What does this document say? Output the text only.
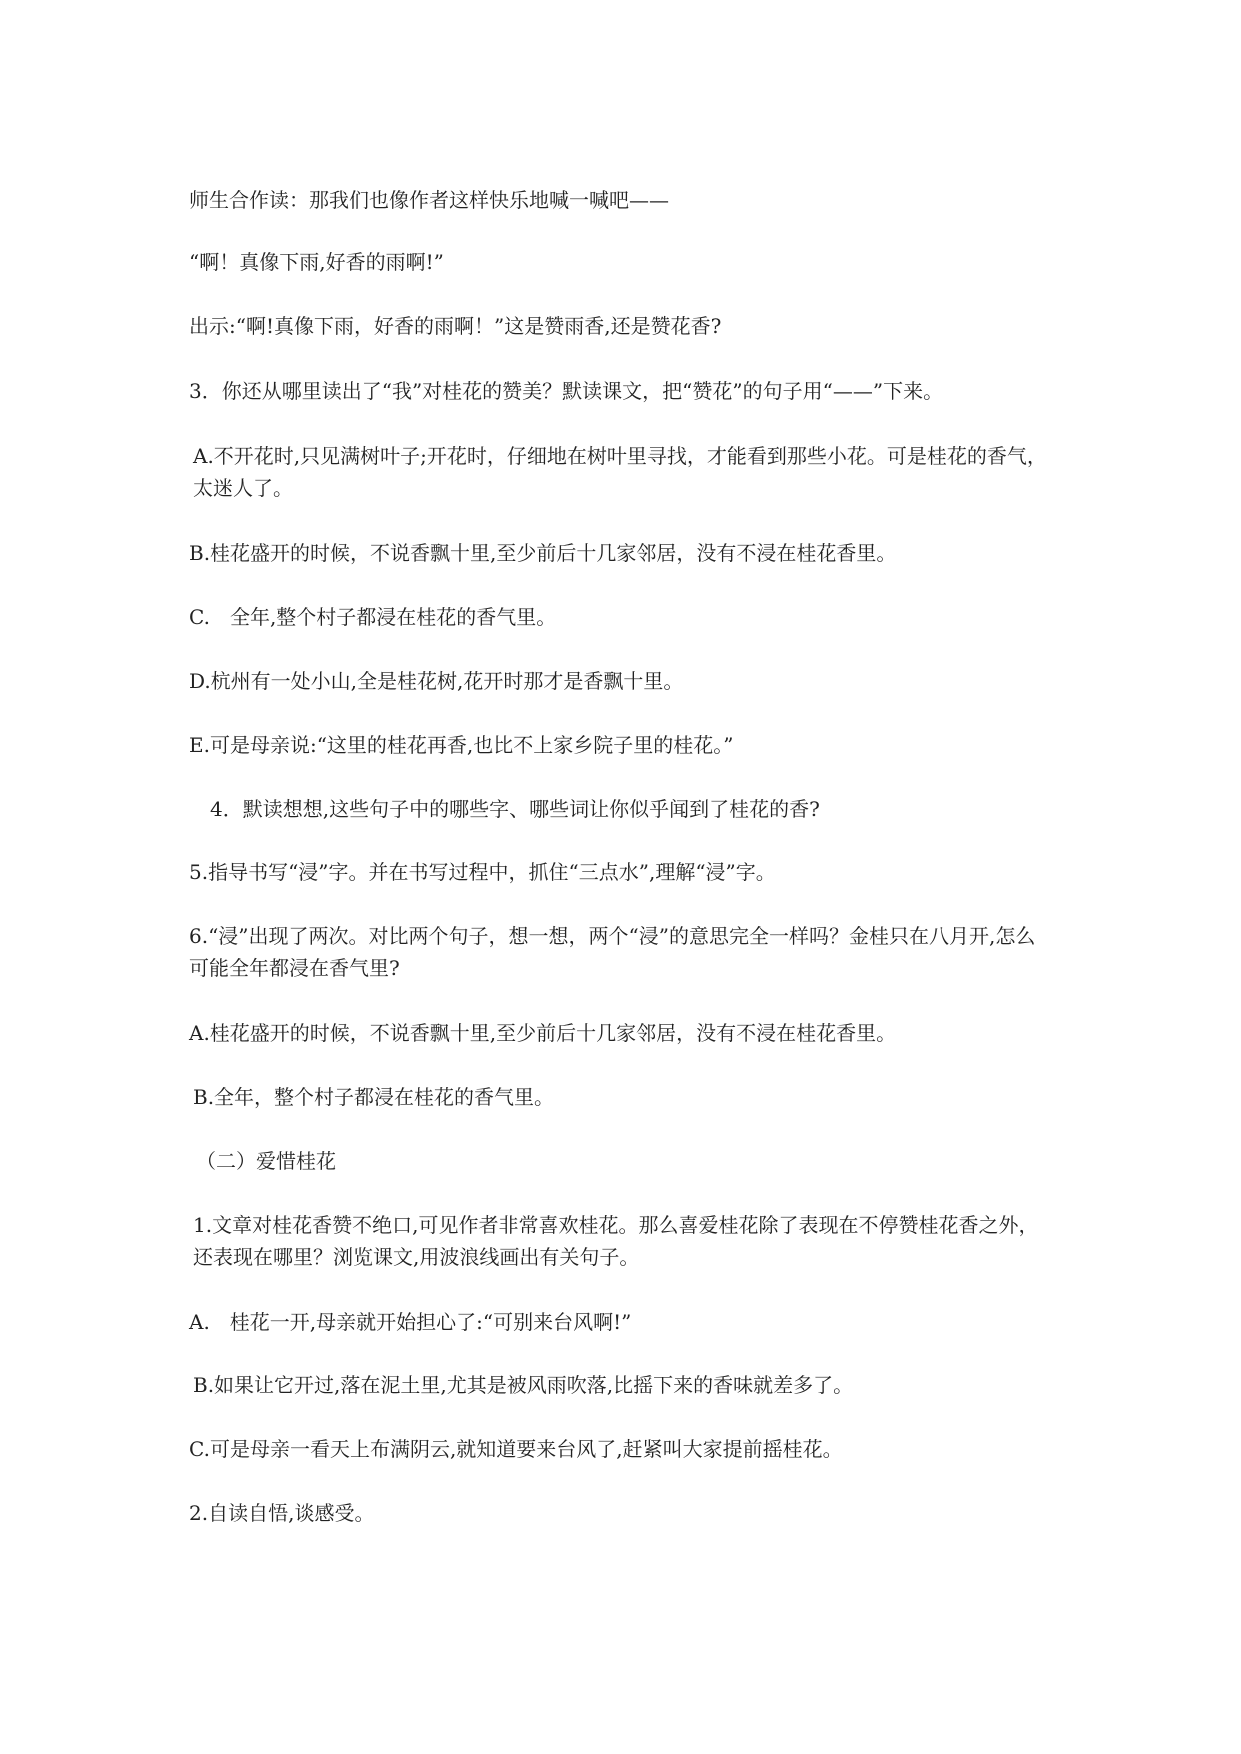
师生合作读：那我们也像作者这样快乐地喊一喊吧——

“啊！真像下雨,好香的雨啊!”

出示:“啊!真像下雨，好香的雨啊！”这是赞雨香,还是赞花香?

3．你还从哪里读出了“我”对桂花的赞美？默读课文，把“赞花”的句子用“——”下来。

A.不开花时,只见满树叶子;开花时，仔细地在树叶里寻找，才能看到那些小花。可是桂花的香气，太迷人了。

B.桂花盛开的时候，不说香飘十里,至少前后十几家邻居，没有不浸在桂花香里。

C.　全年,整个村子都浸在桂花的香气里。

D.杭州有一处小山,全是桂花树,花开时那才是香飘十里。

E.可是母亲说:“这里的桂花再香,也比不上家乡院子里的桂花。”

4．默读想想,这些句子中的哪些字、哪些词让你似乎闻到了桂花的香?

5.指导书写“浸”字。并在书写过程中，抓住“三点水”,理解“浸”字。

6.“浸”出现了两次。对比两个句子，想一想，两个“浸”的意思完全一样吗？金桂只在八月开,怎么可能全年都浸在香气里?

A.桂花盛开的时候，不说香飘十里,至少前后十几家邻居，没有不浸在桂花香里。

B.全年，整个村子都浸在桂花的香气里。

（二）爱惜桂花

1.文章对桂花香赞不绝口,可见作者非常喜欢桂花。那么喜爱桂花除了表现在不停赞桂花香之外，还表现在哪里？浏览课文,用波浪线画出有关句子。

A.　桂花一开,母亲就开始担心了:“可别来台风啊!”

B.如果让它开过,落在泥土里,尤其是被风雨吹落,比摇下来的香味就差多了。

C.可是母亲一看天上布满阴云,就知道要来台风了,赶紧叫大家提前摇桂花。

2.自读自悟,谈感受。
